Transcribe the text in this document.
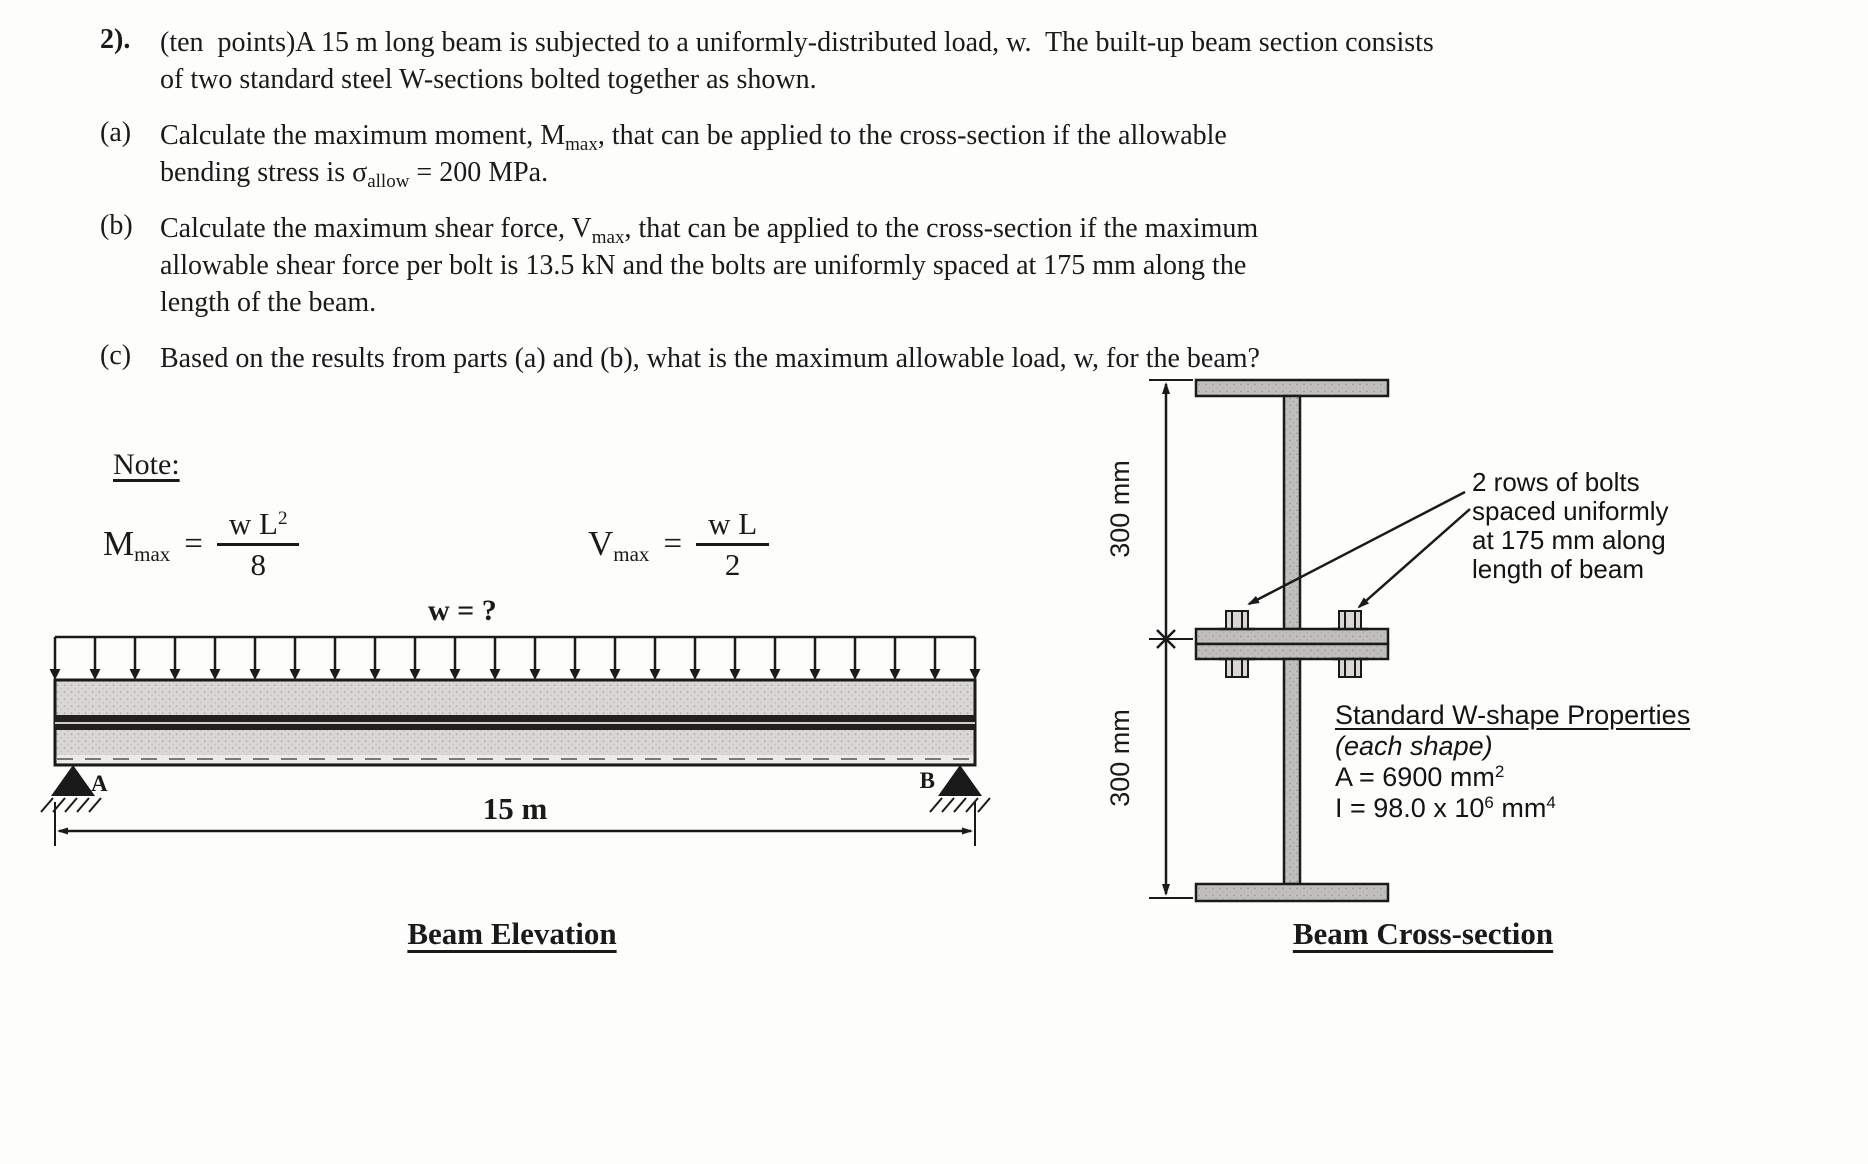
2).	(ten  points)A 15 m long beam is subjected to a uniformly-distributed load, w.  The built-up beam section consists
of two standard steel W-sections bolted together as shown.
(a)	Calculate the maximum moment, $M_{max}$, that can be applied to the cross-section if the allowable
bending stress is $\sigma_{allow} = 200$ MPa.
(b) Calculate the maximum shear force, $V_{max}$, that can be applied to the cross-section if the maximum
allowable shear force per bolt is 13.5 kN and the bolts are uniformly spaced at 175 mm along the
length of the beam.
(c)	Based on the results from parts (a) and (b), what is the maximum allowable load, w, for the beam?
Note:
M $\max = \frac{w L^2}{8}$	V $\max = \frac{\text{w L}}{2}$
w = ?
A	B
15 m
300 mm
300 mm
2 rows of bolts
spaced uniformly
at 175 mm along
length of beam
Standard W-shape Properties
(each shape)
A = 6900 $mm^2$
I = 98.0 x $10^6$ $mm^4$
Beam Elevation	Beam Cross-section
